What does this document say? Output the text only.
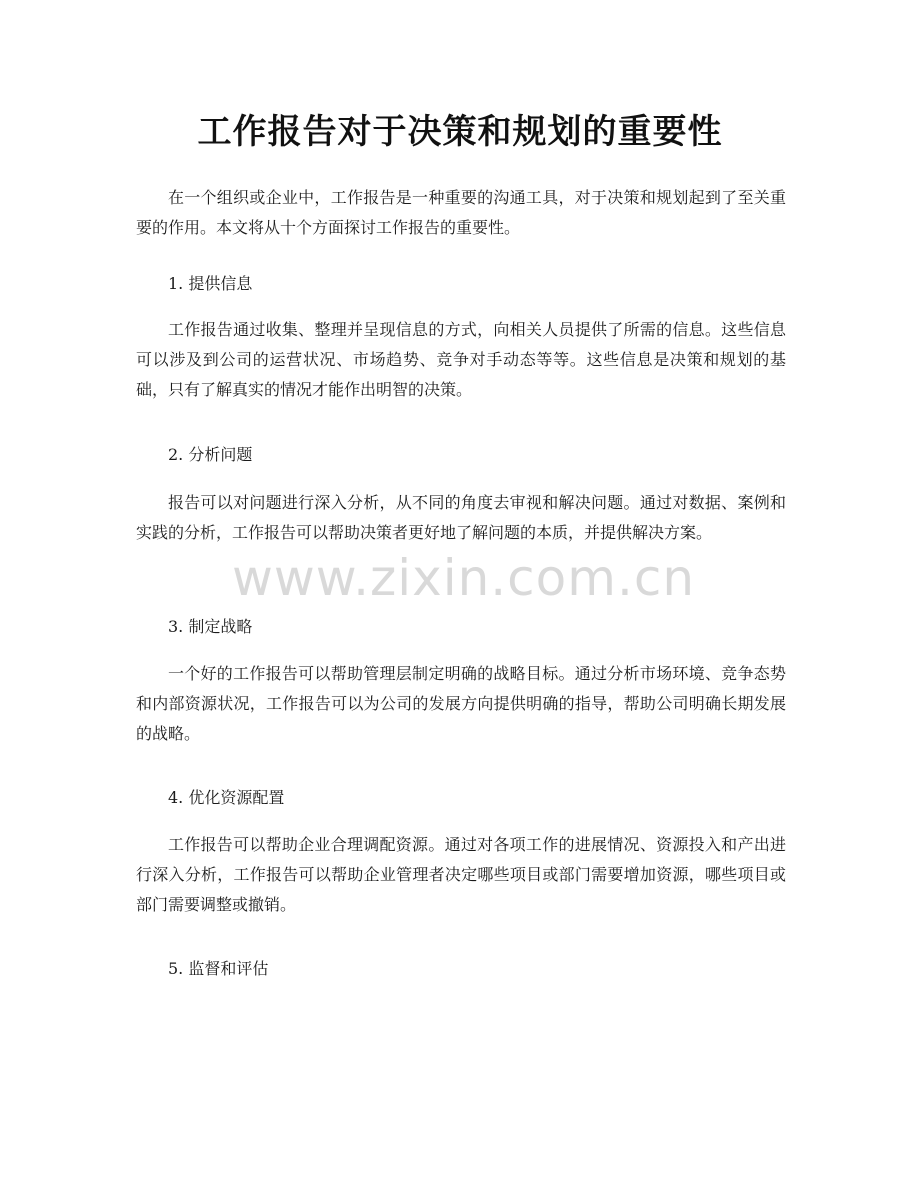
工作报告对于决策和规划的重要性

在一个组织或企业中，工作报告是一种重要的沟通工具，对于决策和规划起到了至关重要的作用。本文将从十个方面探讨工作报告的重要性。

1. 提供信息

工作报告通过收集、整理并呈现信息的方式，向相关人员提供了所需的信息。这些信息可以涉及到公司的运营状况、市场趋势、竞争对手动态等等。这些信息是决策和规划的基础，只有了解真实的情况才能作出明智的决策。

2. 分析问题

报告可以对问题进行深入分析，从不同的角度去审视和解决问题。通过对数据、案例和实践的分析，工作报告可以帮助决策者更好地了解问题的本质，并提供解决方案。

3. 制定战略

一个好的工作报告可以帮助管理层制定明确的战略目标。通过分析市场环境、竞争态势和内部资源状况，工作报告可以为公司的发展方向提供明确的指导，帮助公司明确长期发展的战略。

4. 优化资源配置

工作报告可以帮助企业合理调配资源。通过对各项工作的进展情况、资源投入和产出进行深入分析，工作报告可以帮助企业管理者决定哪些项目或部门需要增加资源，哪些项目或部门需要调整或撤销。

5. 监督和评估

www.zixin.com.cn
